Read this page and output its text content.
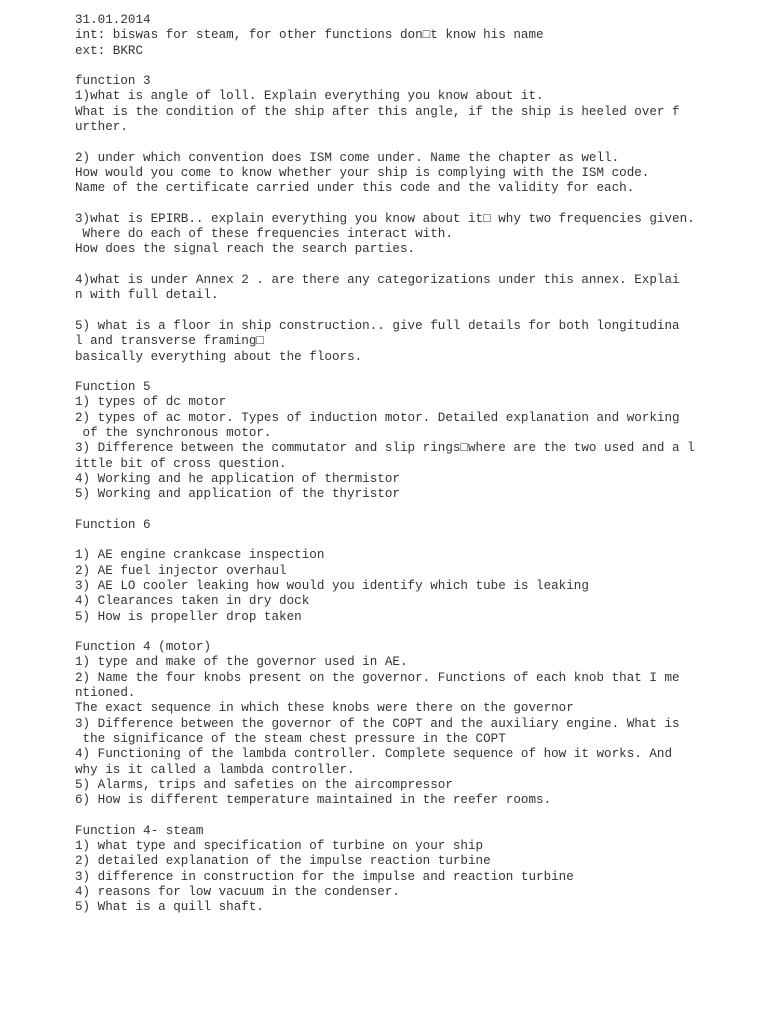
31.01.2014
int: biswas for steam, for other functions don□t know his name
ext: BKRC
function 3
1)what is angle of loll. Explain everything you know about it.
What is the condition of the ship after this angle, if the ship is heeled over f
urther.
2) under which convention does ISM come under. Name the chapter as well.
How would you come to know whether your ship is complying with the ISM code.
Name of the certificate carried under this code and the validity for each.
3)what is EPIRB.. explain everything you know about it□ why two frequencies given.
Where do each of these frequencies interact with.
How does the signal reach the search parties.
4)what is under Annex 2 . are there any categorizations under this annex. Explai
n with full detail.
5) what is a floor in ship construction.. give full details for both longitudina
l and transverse framing□
basically everything about the floors.
Function 5
1) types of dc motor
2) types of ac motor. Types of induction motor. Detailed explanation and working
of the synchronous motor.
3) Difference between the commutator and slip rings□where are the two used and a l
ittle bit of cross question.
4) Working and he application of thermistor
5) Working and application of the thyristor
Function 6
1) AE engine crankcase inspection
2) AE fuel injector overhaul
3) AE LO cooler leaking how would you identify which tube is leaking
4) Clearances taken in dry dock
5) How is propeller drop taken
Function 4 (motor)
1) type and make of the governor used in AE.
2) Name the four knobs present on the governor. Functions of each knob that I me
ntioned.
The exact sequence in which these knobs were there on the governor
3) Difference between the governor of the COPT and the auxiliary engine. What is
the significance of the steam chest pressure in the COPT
4) Functioning of the lambda controller. Complete sequence of how it works. And
why is it called a lambda controller.
5) Alarms, trips and safeties on the aircompressor
6) How is different temperature maintained in the reefer rooms.
Function 4- steam
1) what type and specification of turbine on your ship
2) detailed explanation of the impulse reaction turbine
3) difference in construction for the impulse and reaction turbine
4) reasons for low vacuum in the condenser.
5) What is a quill shaft.
